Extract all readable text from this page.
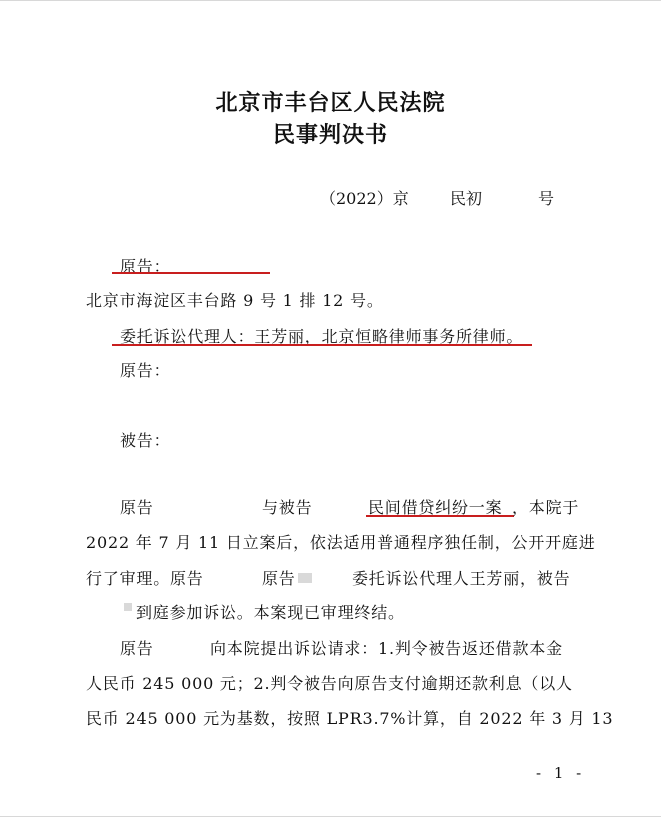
北京市丰台区人民法院
民事判决书
（2022）京	民初	号
原告：
北京市海淀区丰台路 9 号 1 排 12 号。
委托诉讼代理人：王芳丽，北京恒略律师事务所律师。
原告：
被告：
原告	与被告	民间借贷纠纷一案 ，本院于
2022 年 7 月 11 日立案后，依法适用普通程序独任制，公开开庭进
行了审理。原告	原告	委托诉讼代理人王芳丽，被告
到庭参加诉讼。本案现已审理终结。
原告	向本院提出诉讼请求：1.判令被告返还借款本金
人民币 245 000 元；2.判令被告向原告支付逾期还款利息（以人
民币 245 000 元为基数，按照 LPR3.7%计算，自 2022 年 3 月 13
- 1 -
